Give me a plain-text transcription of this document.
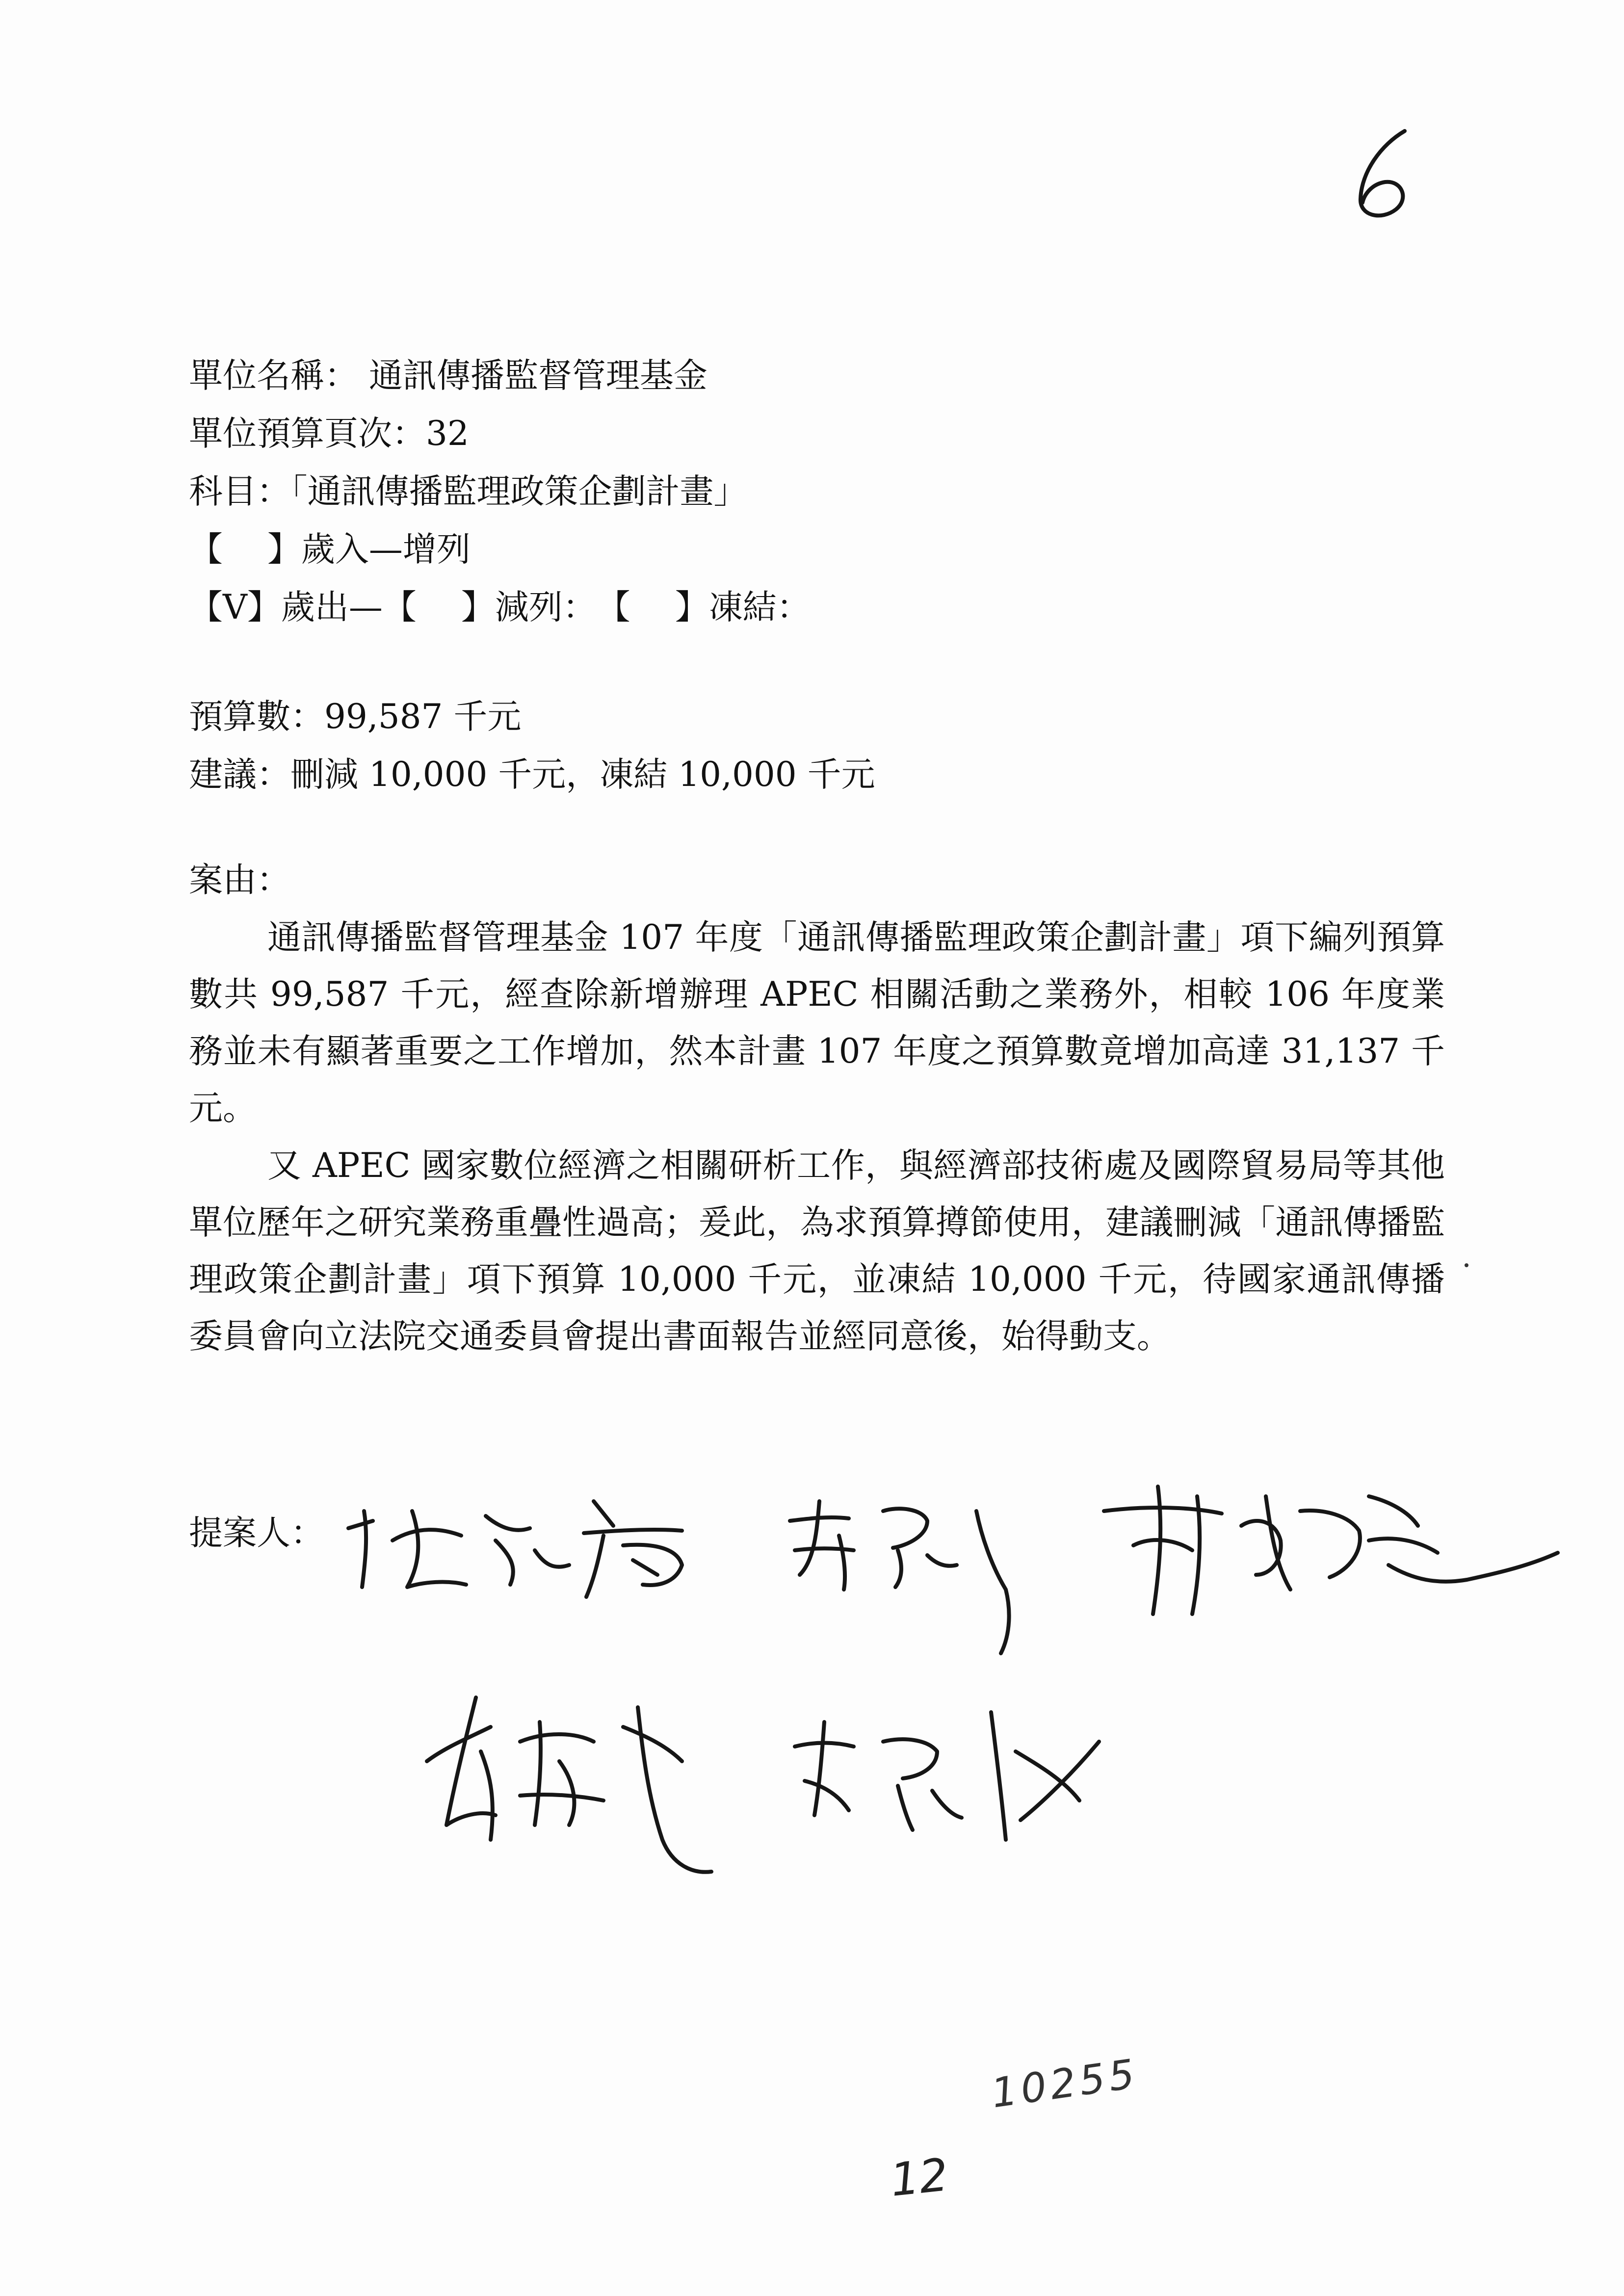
單位名稱： 通訊傳播監督管理基金

單位預算頁次：32

科目：「通訊傳播監理政策企劃計畫」

【　 】歲入—增列

【V】歲出—【　 】減列：　【　 】凍結：

預算數：99,587 千元

建議：刪減 10,000 千元，凍結 10,000 千元

案由：

通訊傳播監督管理基金 107 年度「通訊傳播監理政策企劃計畫」項下編列預算數共 99,587 千元，經查除新增辦理 APEC 相關活動之業務外，相較 106 年度業務並未有顯著重要之工作增加，然本計畫 107 年度之預算數竟增加高達 31,137 千元。

又 APEC 國家數位經濟之相關研析工作，與經濟部技術處及國際貿易局等其他單位歷年之研究業務重疊性過高；爰此，為求預算撙節使用，建議刪減「通訊傳播監理政策企劃計畫」項下預算 10,000 千元，並凍結 10,000 千元，待國家通訊傳播委員會向立法院交通委員會提出書面報告並經同意後，始得動支。

提案人：
10255
12
